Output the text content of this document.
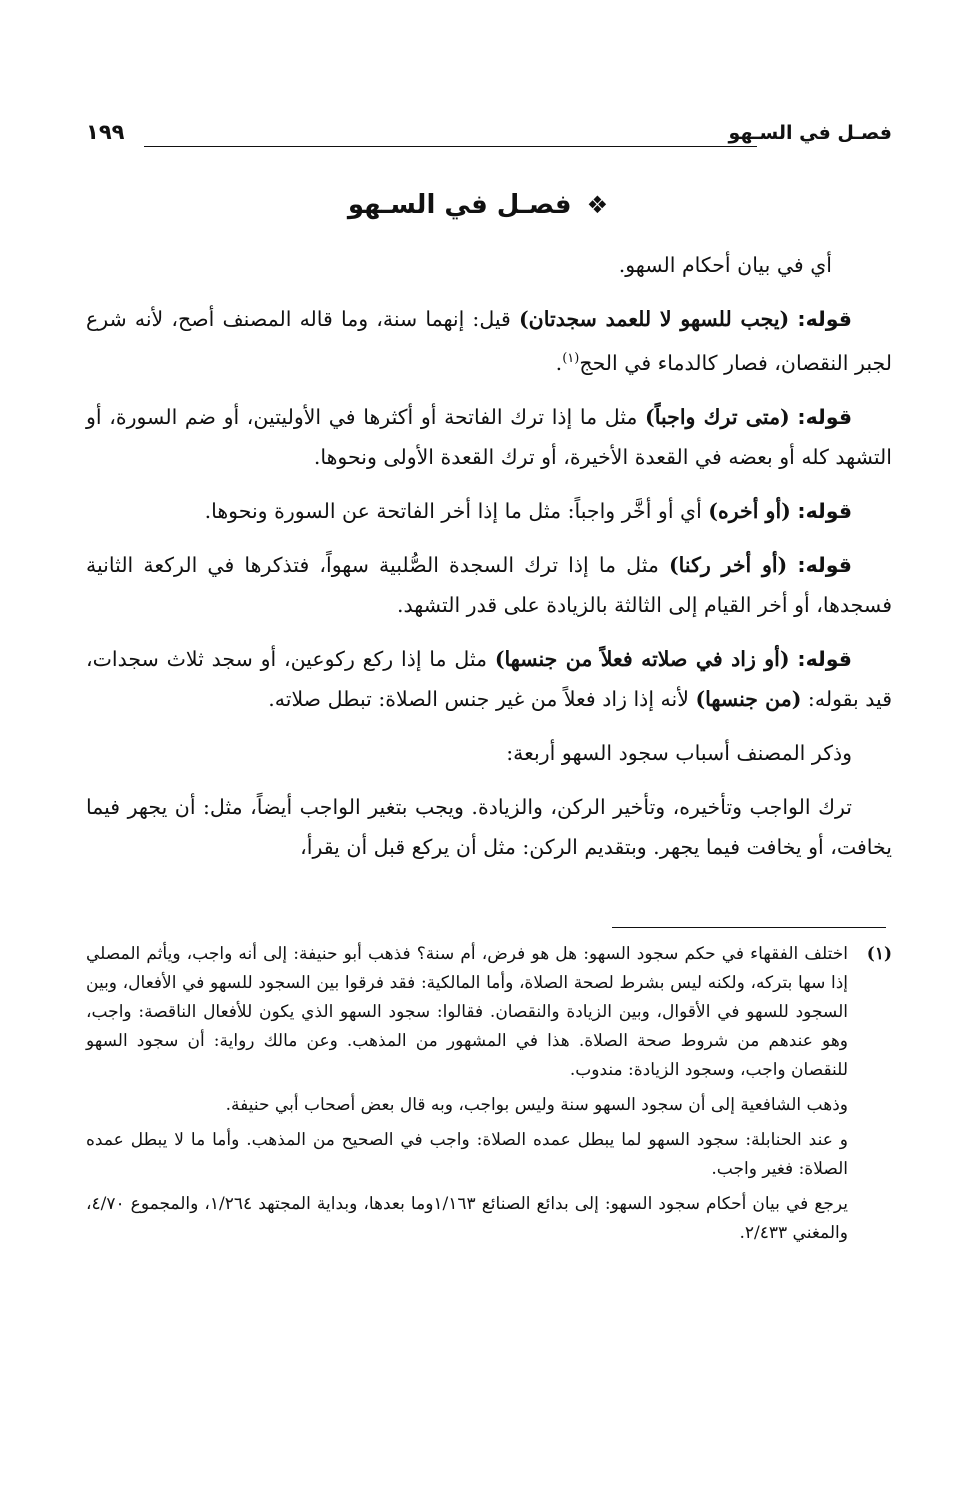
فصـل في السـهو
١٩٩
❖ فصـل في السـهو

أي في بيان أحكام السهو.

قوله: (يجب للسهو لا للعمد سجدتان) قيل: إنهما سنة، وما قاله المصنف أصح، لأنه شرع لجبر النقصان، فصار كالدماء في الحج$^{(١)}$.

قوله: (متى ترك واجباً) مثل ما إذا ترك الفاتحة أو أكثرها في الأوليتين، أو ضم السورة، أو التشهد كله أو بعضه في القعدة الأخيرة، أو ترك القعدة الأولى ونحوها.

قوله: (أو أخره) أي أو أخَّر واجباً: مثل ما إذا أخر الفاتحة عن السورة ونحوها.

قوله: (أو أخر ركنا) مثل ما إذا ترك السجدة الصُّلبية سهواً، فتذكرها في الركعة الثانية فسجدها، أو أخر القيام إلى الثالثة بالزيادة على قدر التشهد.

قوله: (أو زاد في صلاته فعلاً من جنسها) مثل ما إذا ركع ركوعين، أو سجد ثلاث سجدات، قيد بقوله: (من جنسها) لأنه إذا زاد فعلاً من غير جنس الصلاة: تبطل صلاته.

وذكر المصنف أسباب سجود السهو أربعة:

ترك الواجب وتأخيره، وتأخير الركن، والزيادة. ويجب بتغير الواجب أيضاً، مثل: أن يجهر فيما يخافت، أو يخافت فيما يجهر. وبتقديم الركن: مثل أن يركع قبل أن يقرأ،

(١)
اختلف الفقهاء في حكم سجود السهو: هل هو فرض، أم سنة؟ فذهب أبو حنيفة: إلى أنه واجب، ويأثم المصلي إذا سها بتركه، ولكنه ليس بشرط لصحة الصلاة، وأما المالكية: فقد فرقوا بين السجود للسهو في الأفعال، وبين السجود للسهو في الأقوال، وبين الزيادة والنقصان. فقالوا: سجود السهو الذي يكون للأفعال الناقصة: واجب، وهو عندهم من شروط صحة الصلاة. هذا في المشهور من المذهب. وعن مالك رواية: أن سجود السهو للنقصان واجب، وسجود الزيادة: مندوب.
وذهب الشافعية إلى أن سجود السهو سنة وليس بواجب، وبه قال بعض أصحاب أبي حنيفة.
و عند الحنابلة: سجود السهو لما يبطل عمده الصلاة: واجب في الصحيح من المذهب. وأما ما لا يبطل عمده الصلاة: فغير واجب.
يرجع في بيان أحكام سجود السهو: إلى بدائع الصنائع ١/١٦٣وما بعدها، وبداية المجتهد ١/٢٦٤، والمجموع ٤/٧٠، والمغني ٢/٤٣٣.
